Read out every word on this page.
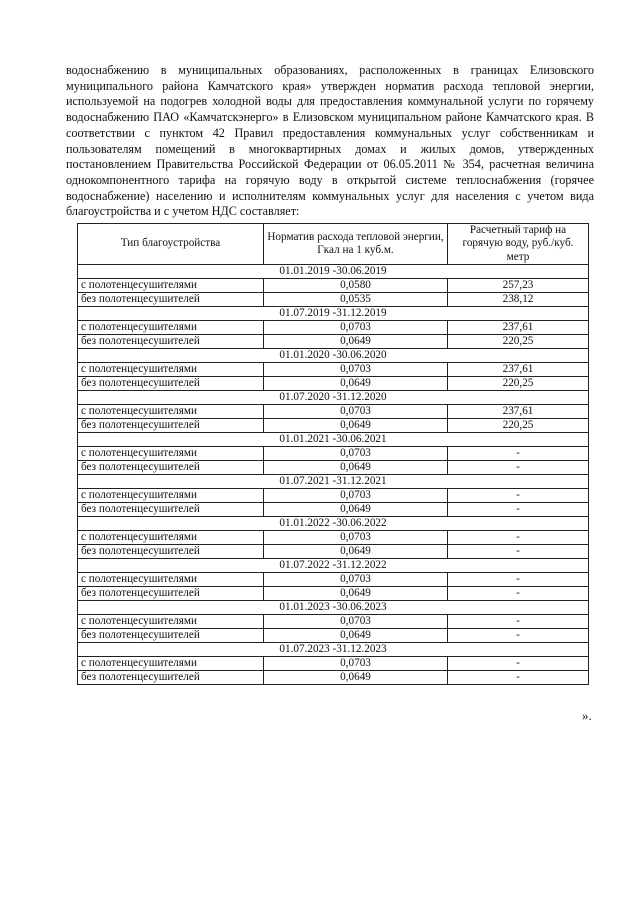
водоснабжению в муниципальных образованиях, расположенных в границах Елизовского муниципального района Камчатского края» утвержден норматив расхода тепловой энергии, используемой на подогрев холодной воды для предоставления коммунальной услуги по горячему водоснабжению ПАО «Камчатскэнерго» в Елизовском муниципальном районе Камчатского края. В соответствии с пунктом 42 Правил предоставления коммунальных услуг собственникам и пользователям помещений в многоквартирных домах и жилых домов, утвержденных постановлением Правительства Российской Федерации от 06.05.2011 № 354, расчетная величина однокомпонентного тарифа на горячую воду в открытой системе теплоснабжения (горячее водоснабжение) населению и исполнителям коммунальных услуг для населения с учетом вида благоустройства и с учетом НДС составляет:

Тип благоустройства	Норматив расхода тепловой энергии, Гкал на 1 куб.м.	Расчетный тариф на горячую воду, руб./куб. метр
01.01.2019 -30.06.2019		
с полотенцесушителями	0,0580	257,23
без полотенцесушителей	0,0535	238,12
01.07.2019 -31.12.2019		
с полотенцесушителями	0,0703	237,61
без полотенцесушителей	0,0649	220,25
01.01.2020 -30.06.2020		
с полотенцесушителями	0,0703	237,61
без полотенцесушителей	0,0649	220,25
01.07.2020 -31.12.2020		
с полотенцесушителями	0,0703	237,61
без полотенцесушителей	0,0649	220,25
01.01.2021 -30.06.2021		
с полотенцесушителями	0,0703	-
без полотенцесушителей	0,0649	-
01.07.2021 -31.12.2021		
с полотенцесушителями	0,0703	-
без полотенцесушителей	0,0649	-
01.01.2022 -30.06.2022		
с полотенцесушителями	0,0703	-
без полотенцесушителей	0,0649	-
01.07.2022 -31.12.2022		
с полотенцесушителями	0,0703	-
без полотенцесушителей	0,0649	-
01.01.2023 -30.06.2023		
с полотенцесушителями	0,0703	-
без полотенцесушителей	0,0649	-
01.07.2023 -31.12.2023		
с полотенцесушителями	0,0703	-
без полотенцесушителей	0,0649	-
».
